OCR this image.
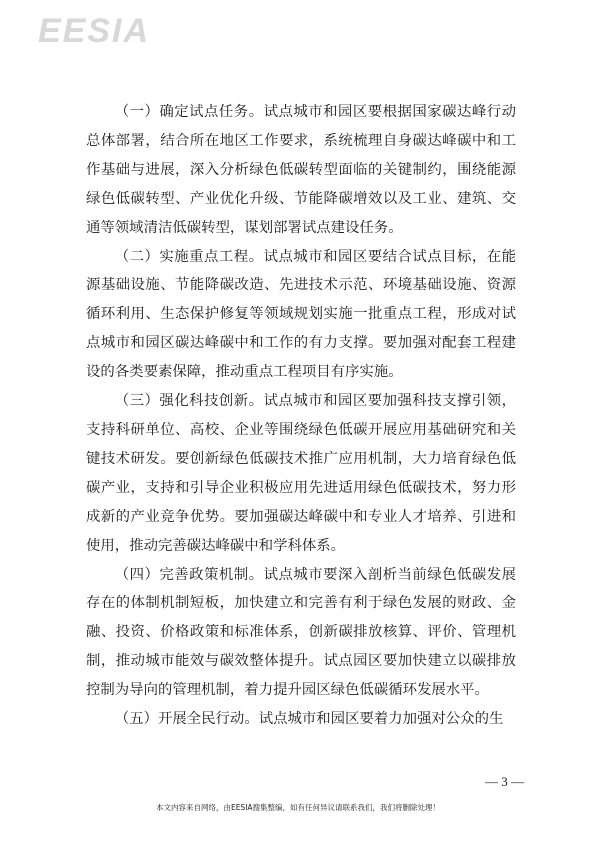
EESIA

（一）确定试点任务。试点城市和园区要根据国家碳达峰行动总体部署，结合所在地区工作要求，系统梳理自身碳达峰碳中和工作基础与进展，深入分析绿色低碳转型面临的关键制约，围绕能源绿色低碳转型、产业优化升级、节能降碳增效以及工业、建筑、交通等领域清洁低碳转型，谋划部署试点建设任务。

（二）实施重点工程。试点城市和园区要结合试点目标，在能源基础设施、节能降碳改造、先进技术示范、环境基础设施、资源循环利用、生态保护修复等领域规划实施一批重点工程，形成对试点城市和园区碳达峰碳中和工作的有力支撑。要加强对配套工程建设的各类要素保障，推动重点工程项目有序实施。

（三）强化科技创新。试点城市和园区要加强科技支撑引领，支持科研单位、高校、企业等围绕绿色低碳开展应用基础研究和关键技术研发。要创新绿色低碳技术推广应用机制，大力培育绿色低碳产业，支持和引导企业积极应用先进适用绿色低碳技术，努力形成新的产业竞争优势。要加强碳达峰碳中和专业人才培养、引进和使用，推动完善碳达峰碳中和学科体系。

（四）完善政策机制。试点城市要深入剖析当前绿色低碳发展存在的体制机制短板，加快建立和完善有利于绿色发展的财政、金融、投资、价格政策和标准体系，创新碳排放核算、评价、管理机制，推动城市能效与碳效整体提升。试点园区要加快建立以碳排放控制为导向的管理机制，着力提升园区绿色低碳循环发展水平。

（五）开展全民行动。试点城市和园区要着力加强对公众的生

— 3 —
本文内容来自网络，由EESIA搜集整编，如有任何异议请联系我们，我们将删除处理！
